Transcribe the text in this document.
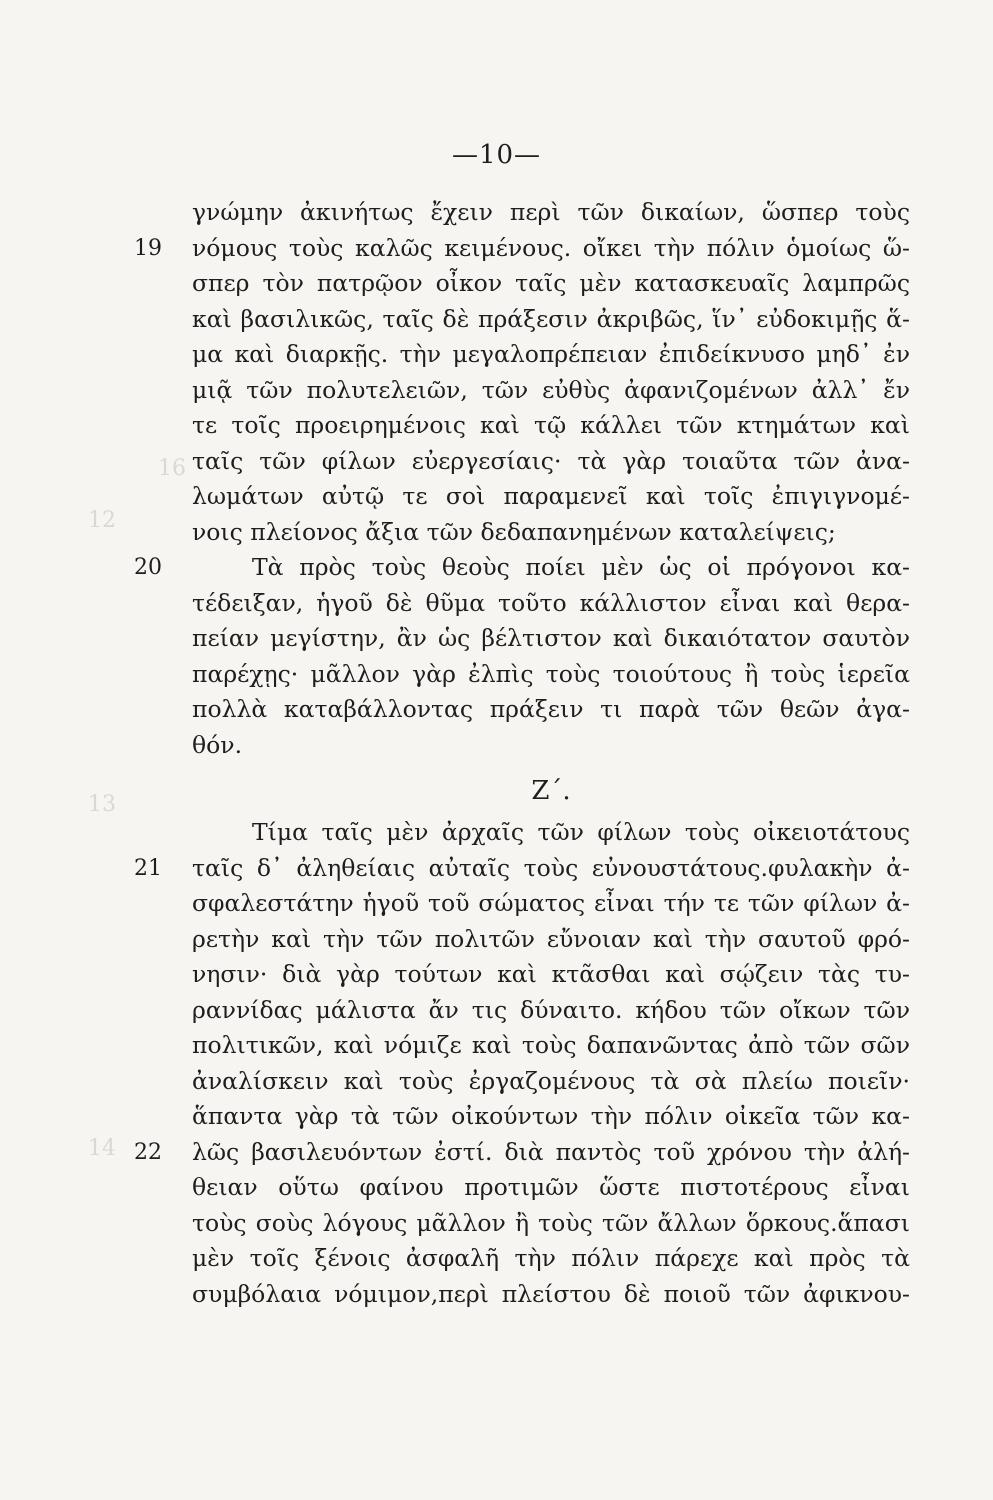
—10—
16
12
13
14
γνώμην ἀκινήτως ἔχειν περὶ τῶν δικαίων, ὥσπερ τοὺς
19 νόμους τοὺς καλῶς κειμένους. οἴκει τὴν πόλιν ὁμοίως ὥ-
σπερ τὸν πατρῷον οἶκον ταῖς μὲν κατασκευαῖς λαμπρῶς
καὶ βασιλικῶς, ταῖς δὲ πράξεσιν ἀκριβῶς, ἵν᾽ εὐδοκιμῇς ἅ-
μα καὶ διαρκῇς. τὴν μεγαλοπρέπειαν ἐπιδείκνυσο μηδ᾽ ἐν
μιᾷ τῶν πολυτελειῶν, τῶν εὐθὺς ἀφανιζομένων ἀλλ᾽ ἔν
τε τοῖς προειρημένοις καὶ τῷ κάλλει τῶν κτημάτων καὶ
ταῖς τῶν φίλων εὐεργεσίαις· τὰ γὰρ τοιαῦτα τῶν ἀνα-
λωμάτων αὐτῷ τε σοὶ παραμενεῖ καὶ τοῖς ἐπιγιγνομέ-
νοις πλείονος ἄξια τῶν δεδαπανημένων καταλείψεις;
20	Τὰ πρὸς τοὺς θεοὺς ποίει μὲν ὡς οἱ πρόγονοι κα-
τέδειξαν, ἡγοῦ δὲ θῦμα τοῦτο κάλλιστον εἶναι καὶ θερα-
πείαν μεγίστην, ἂν ὡς βέλτιστον καὶ δικαιότατον σαυτὸν
παρέχῃς· μᾶλλον γὰρ ἐλπὶς τοὺς τοιούτους ἢ τοὺς ἱερεῖα
πολλὰ καταβάλλοντας πράξειν τι παρὰ τῶν θεῶν ἀγα-
θόν.
Ζ΄.
Τίμα ταῖς μὲν ἀρχαῖς τῶν φίλων τοὺς οἰκειοτάτους
21 ταῖς δ᾽ ἀληθείαις αὐταῖς τοὺς εὐνουστάτους.φυλακὴν ἀ-
σφαλεστάτην ἡγοῦ τοῦ σώματος εἶναι τήν τε τῶν φίλων ἀ-
ρετὴν καὶ τὴν τῶν πολιτῶν εὔνοιαν καὶ τὴν σαυτοῦ φρό-
νησιν· διὰ γὰρ τούτων καὶ κτᾶσθαι καὶ σῴζειν τὰς τυ-
ραννίδας μάλιστα ἄν τις δύναιτο. κήδου τῶν οἴκων τῶν
πολιτικῶν, καὶ νόμιζε καὶ τοὺς δαπανῶντας ἀπὸ τῶν σῶν
ἀναλίσκειν καὶ τοὺς ἐργαζομένους τὰ σὰ πλείω ποιεῖν·
ἅπαντα γὰρ τὰ τῶν οἰκούντων τὴν πόλιν οἰκεῖα τῶν κα-
22 λῶς βασιλευόντων ἐστί. διὰ παντὸς τοῦ χρόνου τὴν ἀλή-
θειαν οὕτω φαίνου προτιμῶν ὥστε πιστοτέρους εἶναι
τοὺς σοὺς λόγους μᾶλλον ἢ τοὺς τῶν ἄλλων ὅρκους.ἅπασι
μὲν τοῖς ξένοις ἀσφαλῆ τὴν πόλιν πάρεχε καὶ πρὸς τὰ
συμβόλαια νόμιμον,περὶ πλείστου δὲ ποιοῦ τῶν ἀφικνου-
